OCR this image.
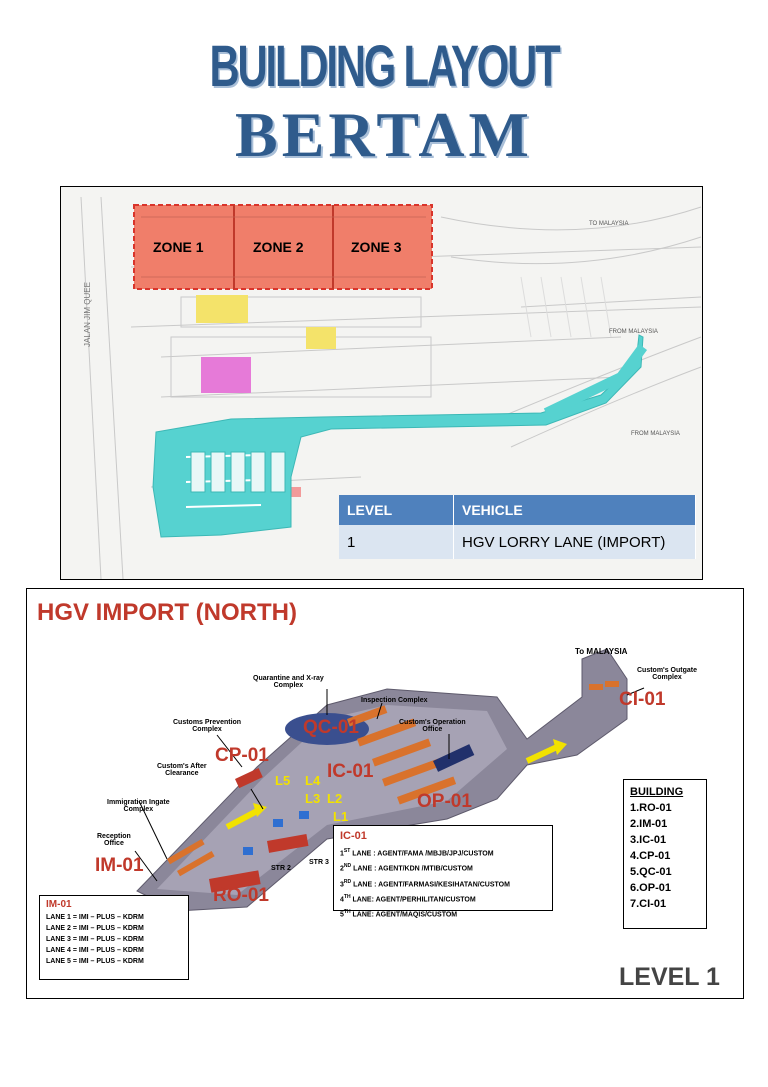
BUILDING LAYOUT
BERTAM
ZONE 1	ZONE 2	ZONE 3
TO MALAYSIA
FROM MALAYSIA
FROM MALAYSIA
JALAN JIM QUEE
LEVEL	VEHICLE
1	HGV LORRY LANE (IMPORT)
L5 L4
L3 L2
L1
HGV IMPORT (NORTH)
To MALAYSIA
Custom's Outgate
Complex
Quarantine and X-ray
Complex
Inspection Complex
Custom's Operation
Office
Customs Prevention
Complex
Custom's After
Clearance
Immigration Ingate
Complex
Reception
Office
STR 2
STR 3
CI-01
QC-01
CP-01
IC-01
OP-01
IM-01
RO-01
IC-01
1ST LANE : AGENT/FAMA /MBJB/JPJ/CUSTOM
2ND LANE : AGENT/KDN /MTIB/CUSTOM
3RD LANE : AGENT/FARMASI/KESIHATAN/CUSTOM
4TH LANE: AGENT/PERHILITAN/CUSTOM
5TH LANE: AGENT/MAQIS/CUSTOM
IM-01
LANE 1 = IMI – PLUS – KDRM
LANE 2 = IMI – PLUS – KDRM
LANE 3 = IMI – PLUS – KDRM
LANE 4 = IMI – PLUS – KDRM
LANE 5 = IMI – PLUS – KDRM
BUILDING
1.RO-01
2.IM-01
3.IC-01
4.CP-01
5.QC-01
6.OP-01
7.CI-01
LEVEL 1
